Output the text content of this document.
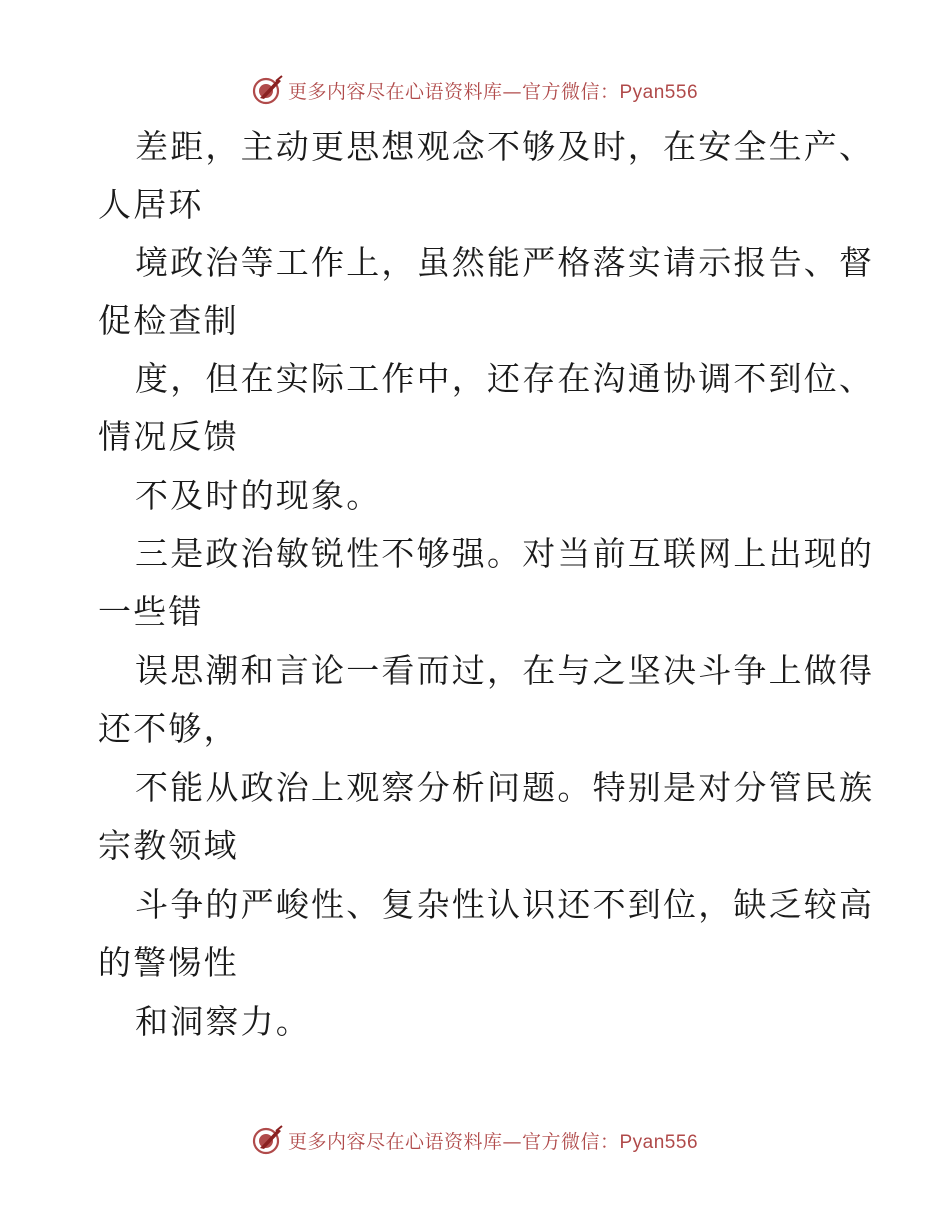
更多内容尽在心语资料库—官方微信：Pyan556
差距，主动更思想观念不够及时，在安全生产、
人居环
境政治等工作上，虽然能严格落实请示报告、督
促检查制
度，但在实际工作中，还存在沟通协调不到位、
情况反馈
不及时的现象。
三是政治敏锐性不够强。对当前互联网上出现的
一些错
误思潮和言论一看而过，在与之坚决斗争上做得
还不够，
不能从政治上观察分析问题。特别是对分管民族
宗教领域
斗争的严峻性、复杂性认识还不到位，缺乏较高
的警惕性
和洞察力。
更多内容尽在心语资料库—官方微信：Pyan556
